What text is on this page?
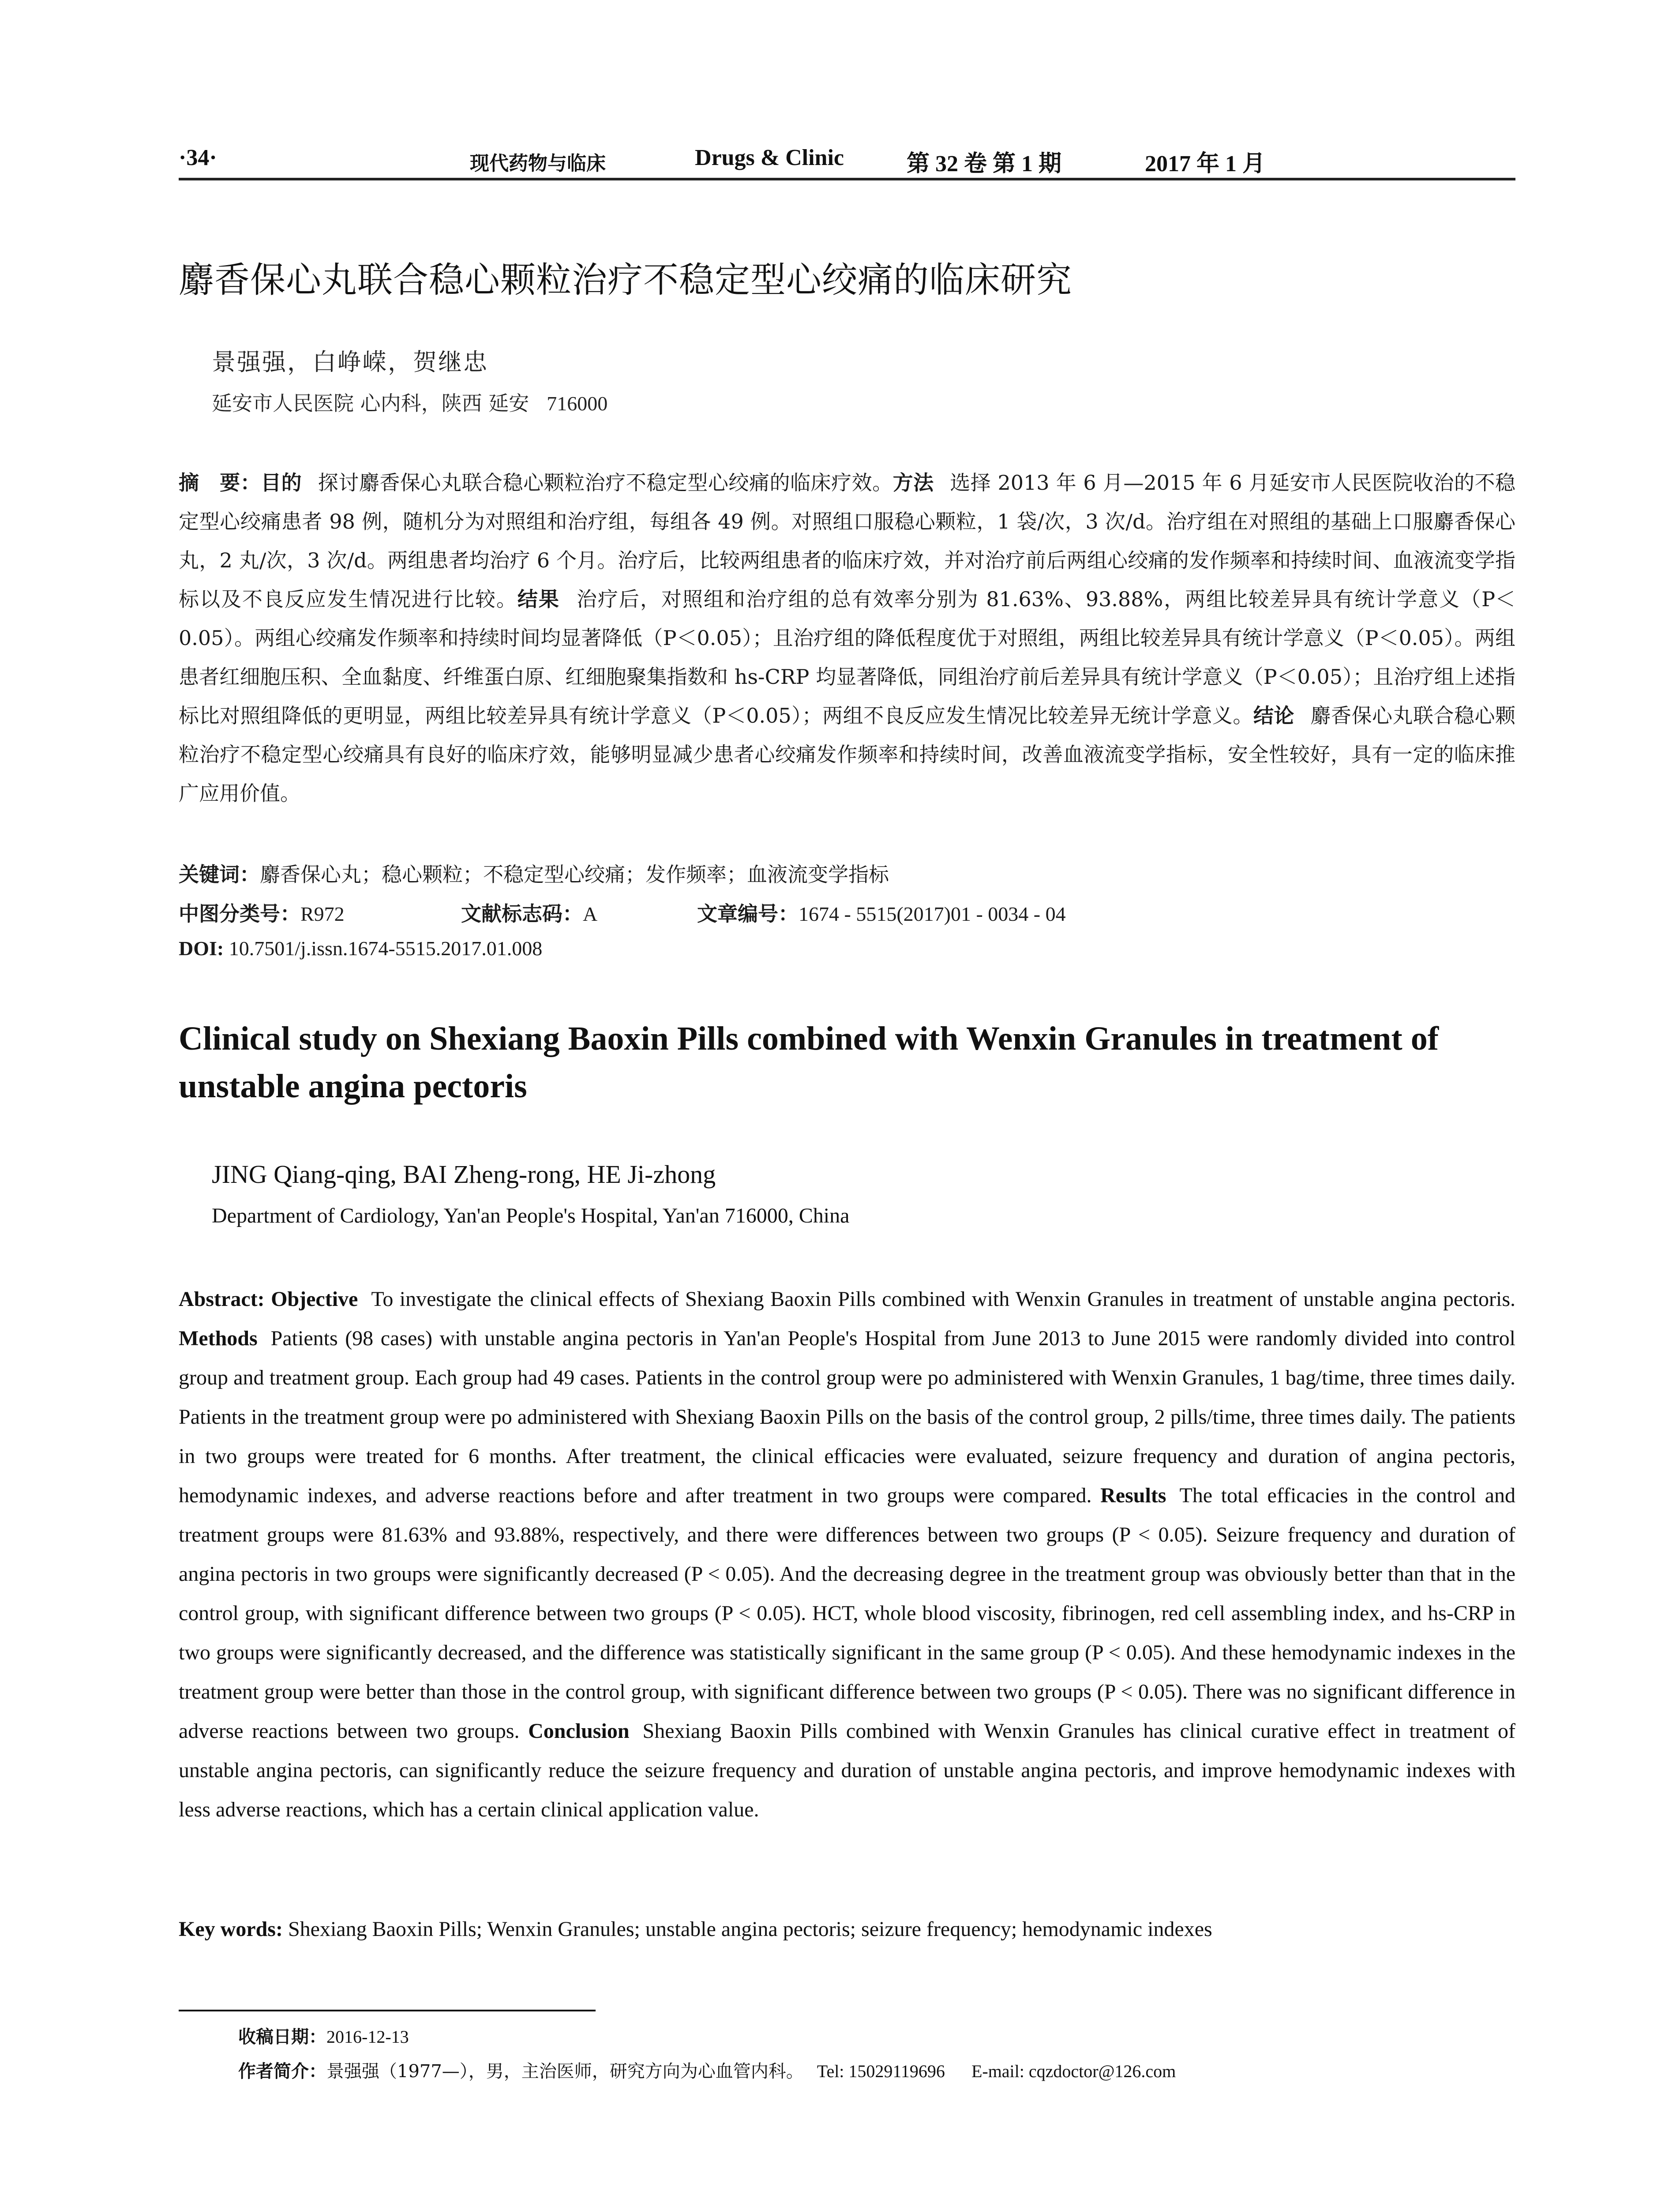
·34·	现代药物与临床	Drugs & Clinic	第 32 卷 第 1 期	2017 年 1 月
麝香保心丸联合稳心颗粒治疗不稳定型心绞痛的临床研究
景强强，白峥嵘，贺继忠
延安市人民医院 心内科，陕西 延安 716000
摘　要：目的 探讨麝香保心丸联合稳心颗粒治疗不稳定型心绞痛的临床疗效。方法 选择 2013 年 6 月—2015 年 6 月延安市人民医院收治的不稳定型心绞痛患者 98 例，随机分为对照组和治疗组，每组各 49 例。对照组口服稳心颗粒，1 袋/次，3 次/d。治疗组在对照组的基础上口服麝香保心丸，2 丸/次，3 次/d。两组患者均治疗 6 个月。治疗后，比较两组患者的临床疗效，并对治疗前后两组心绞痛的发作频率和持续时间、血液流变学指标以及不良反应发生情况进行比较。结果 治疗后，对照组和治疗组的总有效率分别为 81.63%、93.88%，两组比较差异具有统计学意义（P＜0.05）。两组心绞痛发作频率和持续时间均显著降低（P＜0.05）；且治疗组的降低程度优于对照组，两组比较差异具有统计学意义（P＜0.05）。两组患者红细胞压积、全血黏度、纤维蛋白原、红细胞聚集指数和 hs-CRP 均显著降低，同组治疗前后差异具有统计学意义（P＜0.05）；且治疗组上述指标比对照组降低的更明显，两组比较差异具有统计学意义（P＜0.05）；两组不良反应发生情况比较差异无统计学意义。结论 麝香保心丸联合稳心颗粒治疗不稳定型心绞痛具有良好的临床疗效，能够明显减少患者心绞痛发作频率和持续时间，改善血液流变学指标，安全性较好，具有一定的临床推广应用价值。
关键词：麝香保心丸；稳心颗粒；不稳定型心绞痛；发作频率；血液流变学指标
中图分类号：R972	文献标志码：A	文章编号：1674 - 5515(2017)01 - 0034 - 04
DOI: 10.7501/j.issn.1674-5515.2017.01.008
Clinical study on Shexiang Baoxin Pills combined with Wenxin Granules in treatment of unstable angina pectoris
JING Qiang-qing, BAI Zheng-rong, HE Ji-zhong
Department of Cardiology, Yan'an People's Hospital, Yan'an 716000, China
Abstract: Objective To investigate the clinical effects of Shexiang Baoxin Pills combined with Wenxin Granules in treatment of unstable angina pectoris. Methods Patients (98 cases) with unstable angina pectoris in Yan'an People's Hospital from June 2013 to June 2015 were randomly divided into control group and treatment group. Each group had 49 cases. Patients in the control group were po administered with Wenxin Granules, 1 bag/time, three times daily. Patients in the treatment group were po administered with Shexiang Baoxin Pills on the basis of the control group, 2 pills/time, three times daily. The patients in two groups were treated for 6 months. After treatment, the clinical efficacies were evaluated, seizure frequency and duration of angina pectoris, hemodynamic indexes, and adverse reactions before and after treatment in two groups were compared. Results The total efficacies in the control and treatment groups were 81.63% and 93.88%, respectively, and there were differences between two groups (P < 0.05). Seizure frequency and duration of angina pectoris in two groups were significantly decreased (P < 0.05). And the decreasing degree in the treatment group was obviously better than that in the control group, with significant difference between two groups (P < 0.05). HCT, whole blood viscosity, fibrinogen, red cell assembling index, and hs-CRP in two groups were significantly decreased, and the difference was statistically significant in the same group (P < 0.05). And these hemodynamic indexes in the treatment group were better than those in the control group, with significant difference between two groups (P < 0.05). There was no significant difference in adverse reactions between two groups. Conclusion Shexiang Baoxin Pills combined with Wenxin Granules has clinical curative effect in treatment of unstable angina pectoris, can significantly reduce the seizure frequency and duration of unstable angina pectoris, and improve hemodynamic indexes with less adverse reactions, which has a certain clinical application value.
Key words: Shexiang Baoxin Pills; Wenxin Granules; unstable angina pectoris; seizure frequency; hemodynamic indexes
收稿日期：2016-12-13
作者简介：景强强（1977—），男，主治医师，研究方向为心血管内科。 Tel: 15029119696 E-mail: cqzdoctor@126.com
